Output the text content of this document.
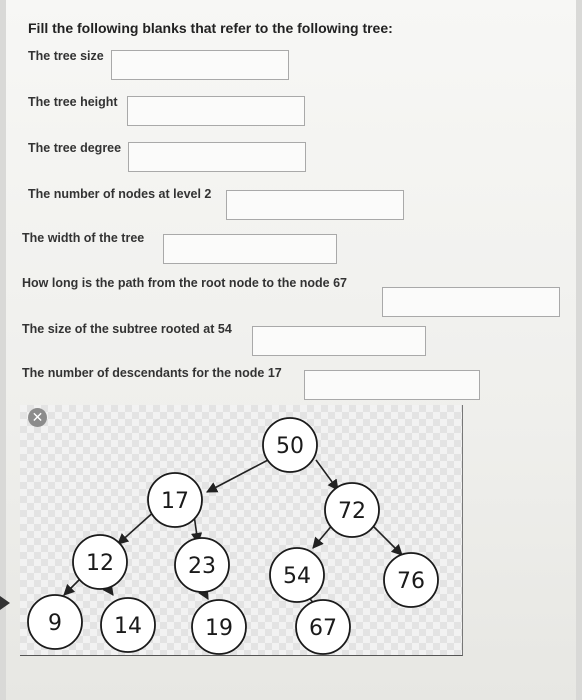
Fill the following blanks that refer to the following tree:

The tree size
The tree height
The tree degree
The number of nodes at level 2
The width of the tree
How long is the path from the root node to the node 67
The size of the subtree rooted at 54
The number of descendants for the node 17
50
17	72
12	23	54	76
9 14	19	67
✕
